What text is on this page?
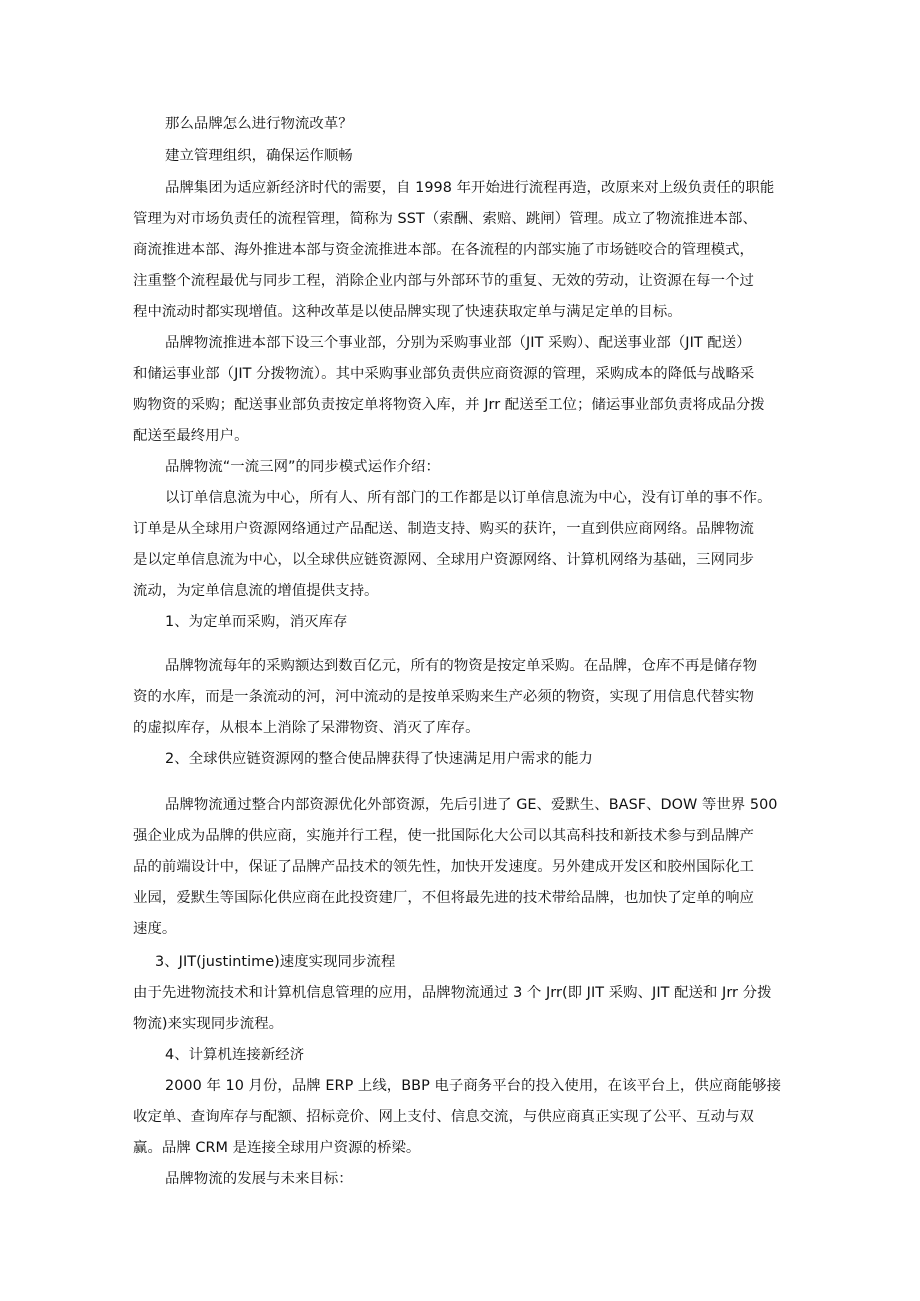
那么品牌怎么进行物流改革？
建立管理组织，确保运作顺畅
品牌集团为适应新经济时代的需要，自 1998 年开始进行流程再造，改原来对上级负责任的职能
管理为对市场负责任的流程管理，简称为 SST（索酬、索赔、跳闸）管理。成立了物流推进本部、
商流推进本部、海外推进本部与资金流推进本部。在各流程的内部实施了市场链咬合的管理模式，
注重整个流程最优与同步工程，消除企业内部与外部环节的重复、无效的劳动，让资源在每一个过
程中流动时都实现增值。这种改革是以使品牌实现了快速获取定单与满足定单的目标。
品牌物流推进本部下设三个事业部，分别为采购事业部（JIT 采购）、配送事业部（JIT 配送）
和储运事业部（JIT 分拨物流）。其中采购事业部负责供应商资源的管理，采购成本的降低与战略采
购物资的采购；配送事业部负责按定单将物资入库，并 Jrr 配送至工位；储运事业部负责将成品分拨
配送至最终用户。
品牌物流“一流三网”的同步模式运作介绍：
以订单信息流为中心，所有人、所有部门的工作都是以订单信息流为中心，没有订单的事不作。
订单是从全球用户资源网络通过产品配送、制造支持、购买的获许，一直到供应商网络。品牌物流
是以定单信息流为中心，以全球供应链资源网、全球用户资源网络、计算机网络为基础，三网同步
流动，为定单信息流的增值提供支持。
1、为定单而采购，消灭库存
品牌物流每年的采购额达到数百亿元，所有的物资是按定单采购。在品牌，仓库不再是储存物
资的水库，而是一条流动的河，河中流动的是按单采购来生产必须的物资，实现了用信息代替实物
的虚拟库存，从根本上消除了呆滞物资、消灭了库存。
2、全球供应链资源网的整合使品牌获得了快速满足用户需求的能力
品牌物流通过整合内部资源优化外部资源，先后引进了 GE、爱默生、BASF、DOW 等世界 500
强企业成为品牌的供应商，实施并行工程，使一批国际化大公司以其高科技和新技术参与到品牌产
品的前端设计中，保证了品牌产品技术的领先性，加快开发速度。另外建成开发区和胶州国际化工
业园，爱默生等国际化供应商在此投资建厂，不但将最先进的技术带给品牌，也加快了定单的响应
速度。
3、JIT(justintime)速度实现同步流程
由于先进物流技术和计算机信息管理的应用，品牌物流通过 3 个 Jrr(即 JIT 采购、JIT 配送和 Jrr 分拨
物流)来实现同步流程。
4、计算机连接新经济
2000 年 10 月份，品牌 ERP 上线，BBP 电子商务平台的投入使用，在该平台上，供应商能够接
收定单、查询库存与配额、招标竞价、网上支付、信息交流，与供应商真正实现了公平、互动与双
赢。品牌 CRM 是连接全球用户资源的桥梁。
品牌物流的发展与未来目标：
